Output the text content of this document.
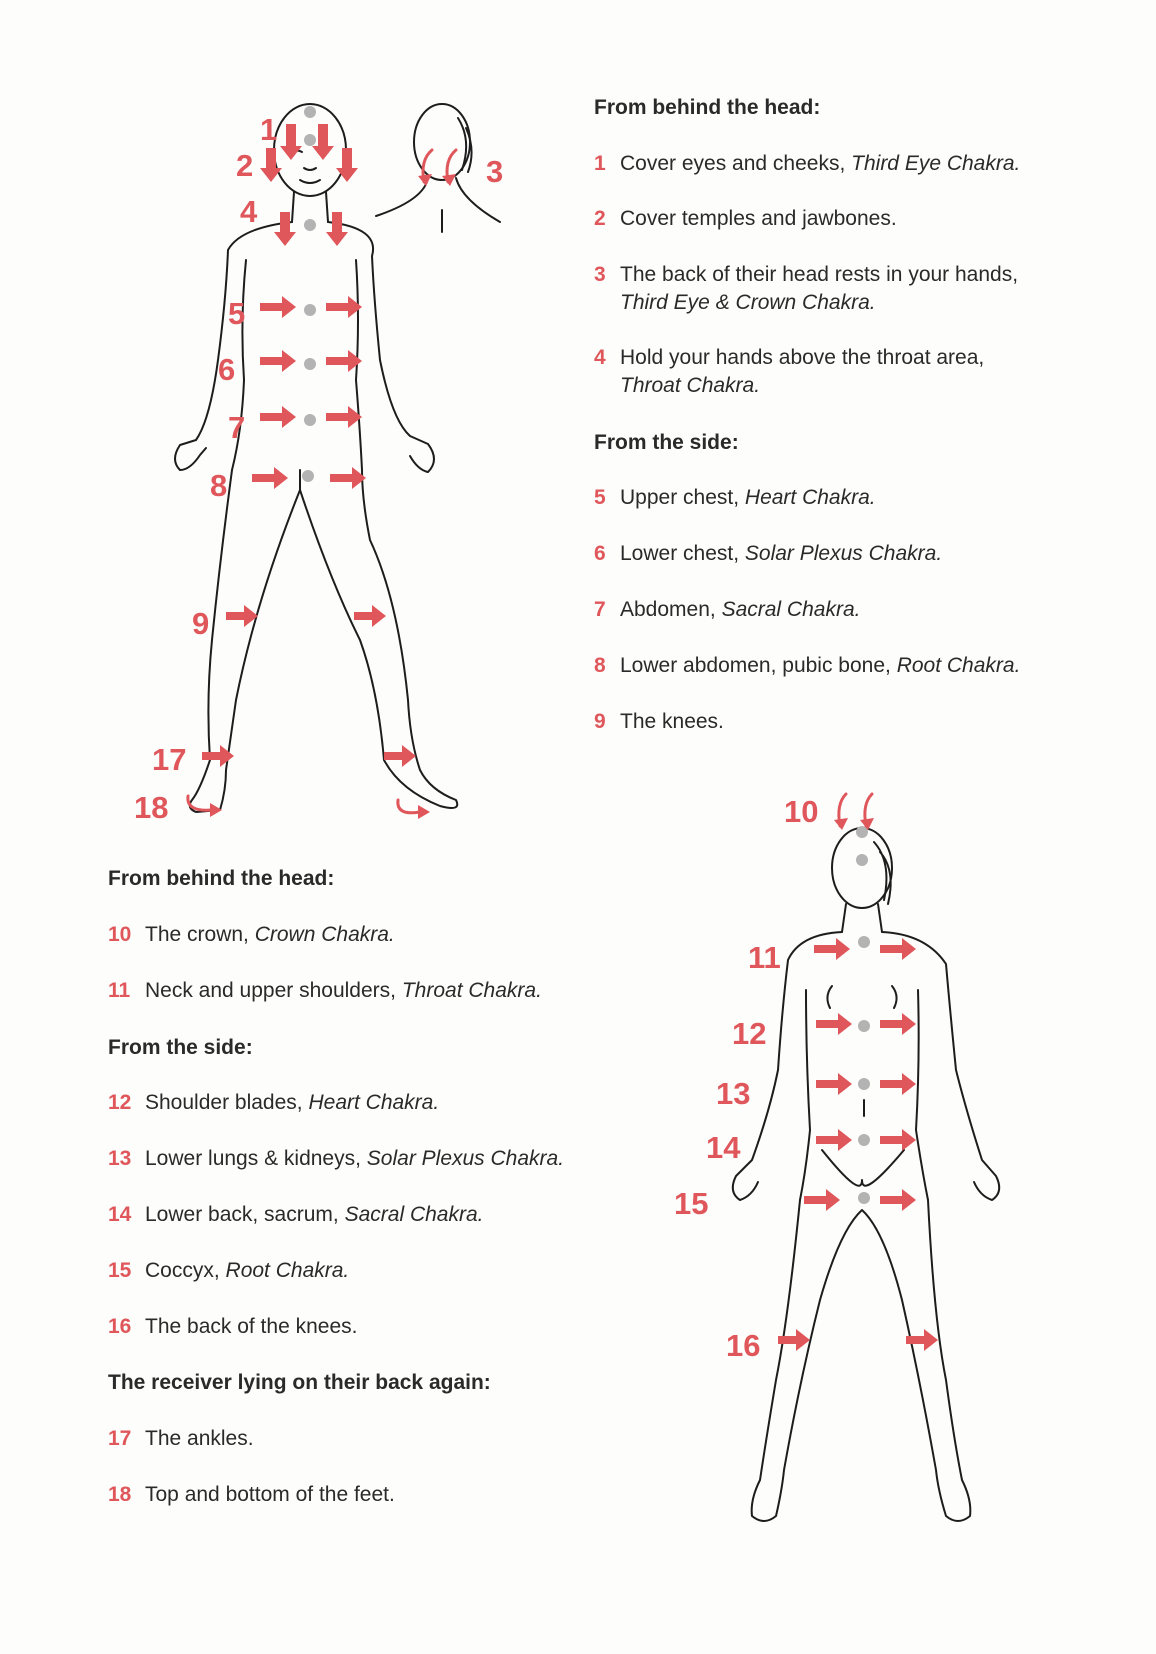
1
2	3
4
5
6
7
8
9
17
18	10
11
12
13
14
15
16
From behind the head:
1 Cover eyes and cheeks, Third Eye Chakra.
2 Cover temples and jawbones.
3 The back of their head rests in your hands,
Third Eye & Crown Chakra.
4 Hold your hands above the throat area,
Throat Chakra.
From the side:
5 Upper chest, Heart Chakra.
6 Lower chest, Solar Plexus Chakra.
7 Abdomen, Sacral Chakra.
8 Lower abdomen, pubic bone, Root Chakra.
9 The knees.
From behind the head:
10 The crown, Crown Chakra.
11 Neck and upper shoulders, Throat Chakra.
From the side:
12 Shoulder blades, Heart Chakra.
13 Lower lungs & kidneys, Solar Plexus Chakra.
14 Lower back, sacrum, Sacral Chakra.
15 Coccyx, Root Chakra.
16 The back of the knees.
The receiver lying on their back again:
17 The ankles.
18 Top and bottom of the feet.
